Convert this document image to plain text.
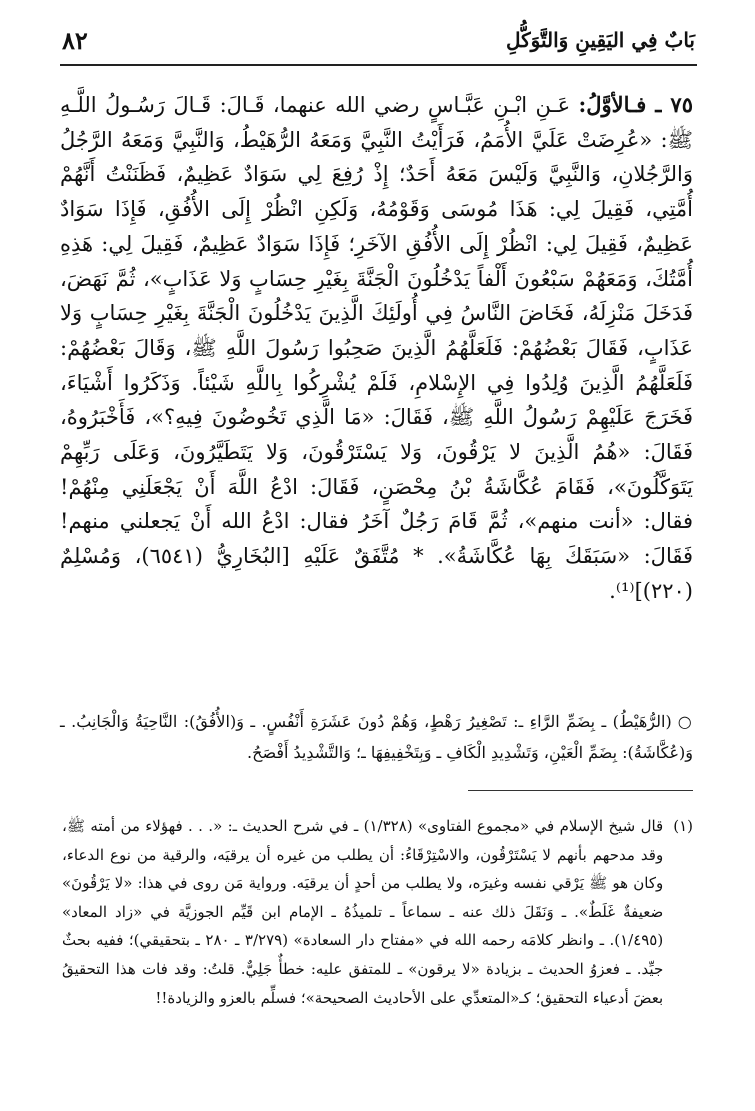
٨٢	بَابٌ فِي اليَقِينِ وَالتَّوَكُّلِ
٧٥ ـ فـالأوَّلُ: عَـنِ ابْـنِ عَبَّـاسٍ رضي الله عنهما، قَـالَ: قَـالَ رَسُـولُ اللَّـهِ ﷺ: «عُرِضَتْ عَلَيَّ الأُمَمُ، فَرَأَيْتُ النَّبِيَّ وَمَعَهُ الرُّهَيْطُ، وَالنَّبِيَّ وَمَعَهُ الرَّجُلُ وَالرَّجُلانِ، وَالنَّبِيَّ وَلَيْسَ مَعَهُ أَحَدٌ؛ إِذْ رُفِعَ لِي سَوَادٌ عَظِيمٌ، فَظَنَنْتُ أَنَّهُمْ أُمَّتِي، فَقِيلَ لِي: هَذَا مُوسَى وَقَوْمُهُ، وَلَكِنِ انْظُرْ إِلَى الأُفُقِ، فَإِذَا سَوَادٌ عَظِيمٌ، فَقِيلَ لِي: انْظُرْ إِلَى الأُفُقِ الآخَرِ؛ فَإِذَا سَوَادٌ عَظِيمٌ، فَقِيلَ لِي: هَذِهِ أُمَّتُكَ، وَمَعَهُمْ سَبْعُونَ أَلْفاً يَدْخُلُونَ الْجَنَّةَ بِغَيْرِ حِسَابٍ وَلا عَذَابٍ»، ثُمَّ نَهَضَ، فَدَخَلَ مَنْزِلَهُ، فَخَاضَ النَّاسُ فِي أُولَئِكَ الَّذِينَ يَدْخُلُونَ الْجَنَّةَ بِغَيْرِ حِسَابٍ وَلا عَذَابٍ، فَقَالَ بَعْضُهُمْ: فَلَعَلَّهُمُ الَّذِينَ صَحِبُوا رَسُولَ اللَّهِ ﷺ، وَقَالَ بَعْضُهُمْ: فَلَعَلَّهُمُ الَّذِينَ وُلِدُوا فِي الإِسْلامِ، فَلَمْ يُشْرِكُوا بِاللَّهِ شَيْئاً. وَذَكَرُوا أَشْيَاءَ، فَخَرَجَ عَلَيْهِمْ رَسُولُ اللَّهِ ﷺ، فَقَالَ: «مَا الَّذِي تَخُوضُونَ فِيهِ؟»، فَأَخْبَرُوهُ، فَقَالَ: «هُمُ الَّذِينَ لا يَرْقُونَ، وَلا يَسْتَرْقُونَ، وَلا يَتَطَيَّرُونَ، وَعَلَى رَبِّهِمْ يَتَوَكَّلُونَ»، فَقَامَ عُكَّاشَةُ بْنُ مِحْصَنٍ، فَقَالَ: ادْعُ اللَّهَ أَنْ يَجْعَلَنِي مِنْهُمْ! فقال: «أنت منهم»، ثُمَّ قَامَ رَجُلٌ آخَرُ فقال: ادْعُ الله أَنْ يَجعلني منهم! فَقَالَ: «سَبَقَكَ بِهَا عُكَّاشَةُ». * مُتَّفَقٌ عَلَيْهِ [البُخَارِيُّ (٦٥٤١)، وَمُسْلِمٌ (٢٢٠)]⁽¹⁾.
○(الرُّهَيْطُ) ـ بِضَمِّ الرَّاءِ ـ: تَصْغِيرُ رَهْطٍ، وَهُمْ دُونَ عَشَرَةِ أَنْفُسٍ. ـ وَ(الأُفُقُ): النَّاحِيَةُ وَالْجَانِبُ. ـ وَ(عُكَّاشَةُ): بِضَمِّ الْعَيْنِ، وَتَشْدِيدِ الْكَافِ ـ وَبِتَخْفِيفِهَا ـ؛ وَالتَّشْدِيدُ أَفْصَحُ.
(١)
قال شيخ الإسلام في «مجموع الفتاوى» (١/٣٢٨) ـ في شرح الحديث ـ: «. . . فهؤلاء من أمته ﷺ، وقد مدحهم بأنهم لا يَسْتَرْقُون، والاسْتِرْقَاءُ: أن يطلب من غيره أن يرقيَه، والرقية من نوع الدعاء، وكان هو ﷺ يَرْقي نفسه وغيرَه، ولا يطلب من أحدٍ أن يرقيَه. ورواية مَن روى في هذا: «لا يَرْقُونَ» ضعيفةٌ غَلَطٌ». ـ وَنَقَلَ ذلك عنه ـ سماعاً ـ تلميذُهُ ـ الإمام ابن قَيِّم الجوزيَّة في «زاد المعاد» (١/٤٩٥). ـ وانظر كلامَه رحمه الله في «مفتاح دار السعادة» (٣/٢٧٩ ـ ٢٨٠ ـ بتحقيقي)؛ ففيه بحثٌ جيِّد. ـ فعزوُ الحديث ـ بزيادة «لا يرقون» ـ للمتفق عليه: خطأٌ جَلِيٌّ. قلتُ: وقد فات هذا التحقيقُ بعضَ أدعياء التحقيق؛ كـ«المتعدِّي على الأحاديث الصحيحة»؛ فسلِّم بالعزو والزيادة!!
